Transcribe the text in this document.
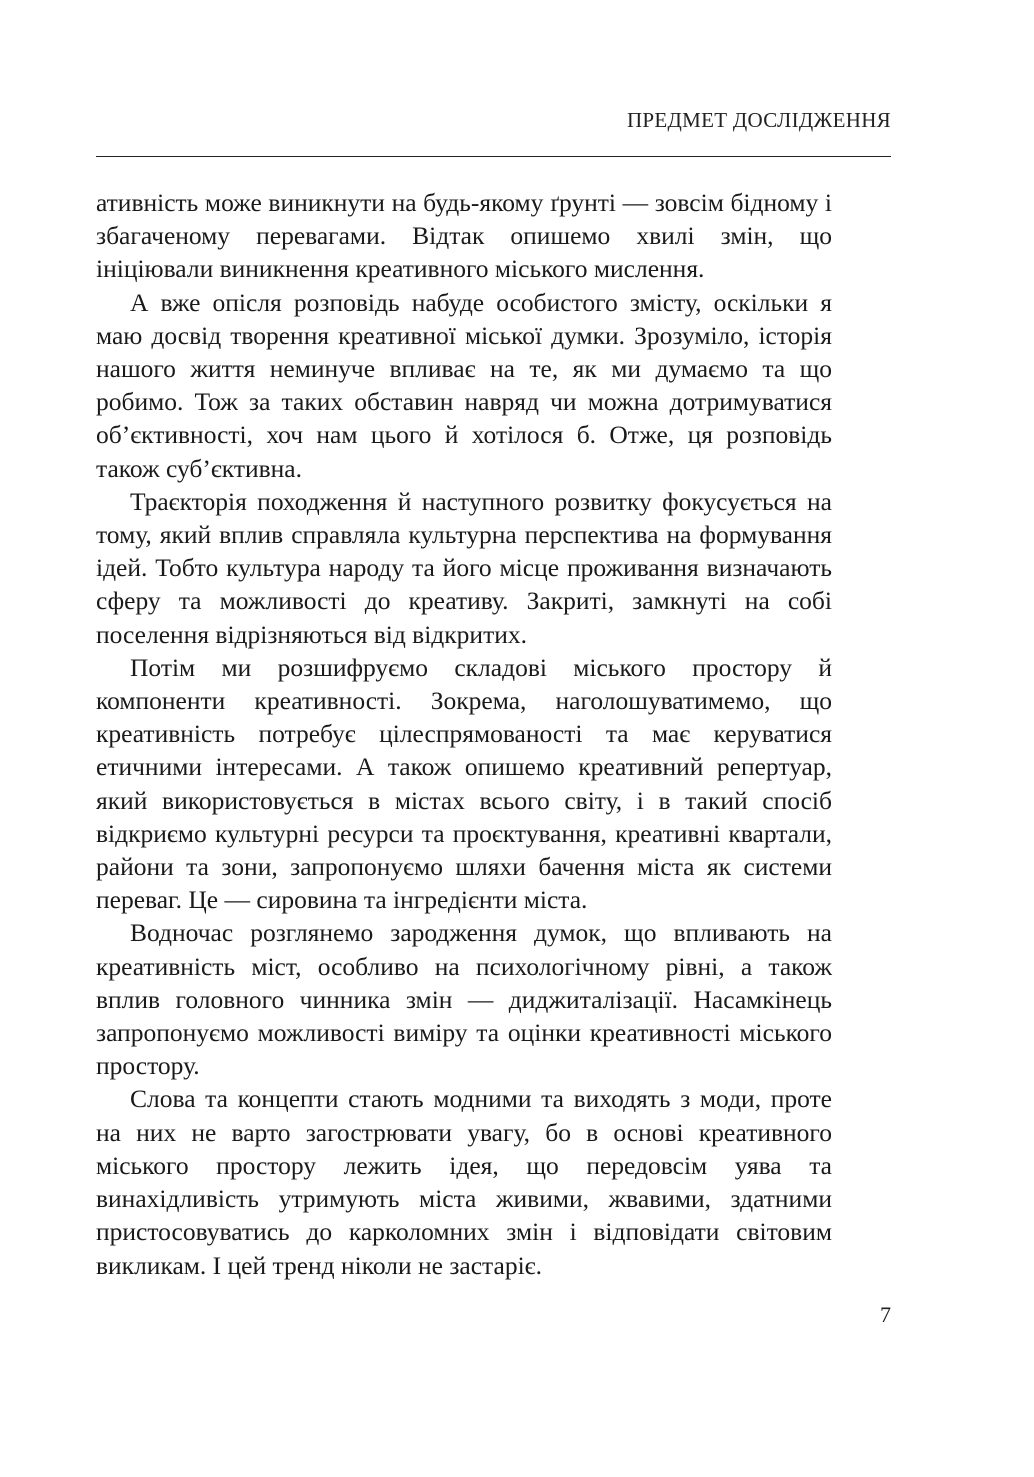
ПРЕДМЕТ ДОСЛІДЖЕННЯ

ативність може виникнути на будь-якому ґрунті — зовсім бідному і збагаченому перевагами. Відтак опишемо хвилі змін, що ініціювали виникнення креативного міського мислення.

А вже опісля розповідь набуде особистого змісту, оскільки я маю досвід творення креативної міської думки. Зрозуміло, історія нашого життя неминуче впливає на те, як ми думаємо та що робимо. Тож за таких обставин навряд чи можна дотримуватися об’єктивності, хоч нам цього й хотілося б. Отже, ця розповідь також суб’єктивна.

Траєкторія походження й наступного розвитку фокусується на тому, який вплив справляла культурна перспектива на формування ідей. Тобто культура народу та його місце проживання визначають сферу та можливості до креативу. Закриті, замкнуті на собі поселення відрізняються від відкритих.

Потім ми розшифруємо складові міського простору й компоненти креативності. Зокрема, наголошуватимемо, що креативність потребує цілеспрямованості та має керуватися етичними інтересами. А також опишемо креативний репертуар, який використовується в містах всього світу, і в такий спосіб відкриємо культурні ресурси та проєктування, креативні квартали, райони та зони, запропонуємо шляхи бачення міста як системи переваг. Це — сировина та інгредієнти міста.

Водночас розглянемо зародження думок, що впливають на креативність міст, особливо на психологічному рівні, а також вплив головного чинника змін — диджиталізації. Насамкінець запропонуємо можливості виміру та оцінки креативності міського простору.

Слова та концепти стають модними та виходять з моди, проте на них не варто загострювати увагу, бо в основі креативного міського простору лежить ідея, що передовсім уява та винахідливість утримують міста живими, жвавими, здатними пристосовуватись до карколомних змін і відповідати світовим викликам. І цей тренд ніколи не застаріє.

7
